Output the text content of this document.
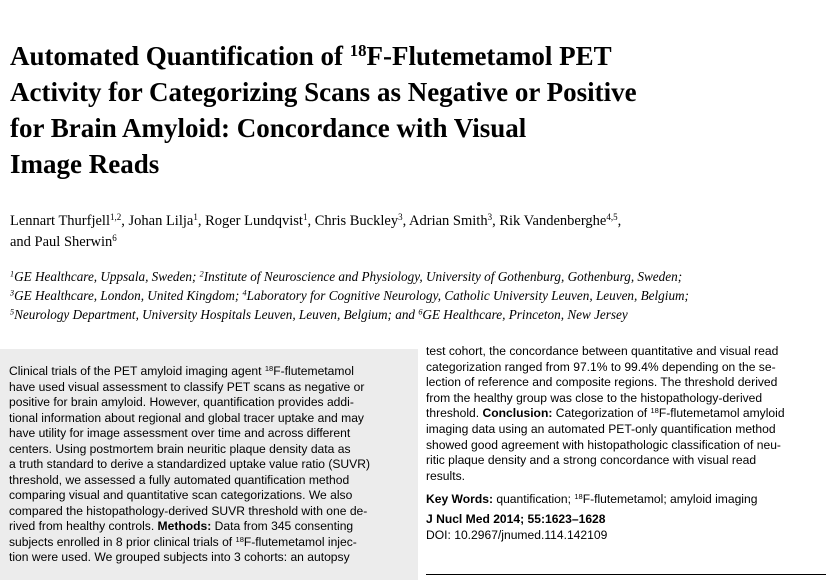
Automated Quantification of $^{18}$F-Flutemetamol PET
Activity for Categorizing Scans as Negative or Positive
for Brain Amyloid: Concordance with Visual
Image Reads
Lennart Thurfjell$^{1,2}$, Johan Lilja$^1$, Roger Lundqvist$^1$, Chris Buckley$^3$, Adrian Smith$^3$, Rik Vandenberghe$^{4,5}$,
and Paul Sherwin$^6$
$^1$GE Healthcare, Uppsala, Sweden; $^2$Institute of Neuroscience and Physiology, University of Gothenburg, Gothenburg, Sweden;
$^3$GE Healthcare, London, United Kingdom; $^4$Laboratory for Cognitive Neurology, Catholic University Leuven, Leuven, Belgium;
$^5$Neurology Department, University Hospitals Leuven, Leuven, Belgium; and $^6$GE Healthcare, Princeton, New Jersey
Clinical trials of the PET amyloid imaging agent $^{18}$F-flutemetamol
have used visual assessment to classify PET scans as negative or
positive for brain amyloid. However, quantification provides addi-
tional information about regional and global tracer uptake and may
have utility for image assessment over time and across different
centers. Using postmortem brain neuritic plaque density data as
a truth standard to derive a standardized uptake value ratio (SUVR)
threshold, we assessed a fully automated quantification method
comparing visual and quantitative scan categorizations. We also
compared the histopathology-derived SUVR threshold with one de-
rived from healthy controls. Methods: Data from 345 consenting
subjects enrolled in 8 prior clinical trials of $^{18}$F-flutemetamol injec-
tion were used. We grouped subjects into 3 cohorts: an autopsy
test cohort, the concordance between quantitative and visual read
categorization ranged from 97.1% to 99.4% depending on the se-
lection of reference and composite regions. The threshold derived
from the healthy group was close to the histopathology-derived
threshold. Conclusion: Categorization of $^{18}$F-flutemetamol amyloid
imaging data using an automated PET-only quantification method
showed good agreement with histopathologic classification of neu-
ritic plaque density and a strong concordance with visual read
results.
Key Words: quantification; $^{18}$F-flutemetamol; amyloid imaging
J Nucl Med 2014; 55:1623–1628
DOI: 10.2967/jnumed.114.142109
